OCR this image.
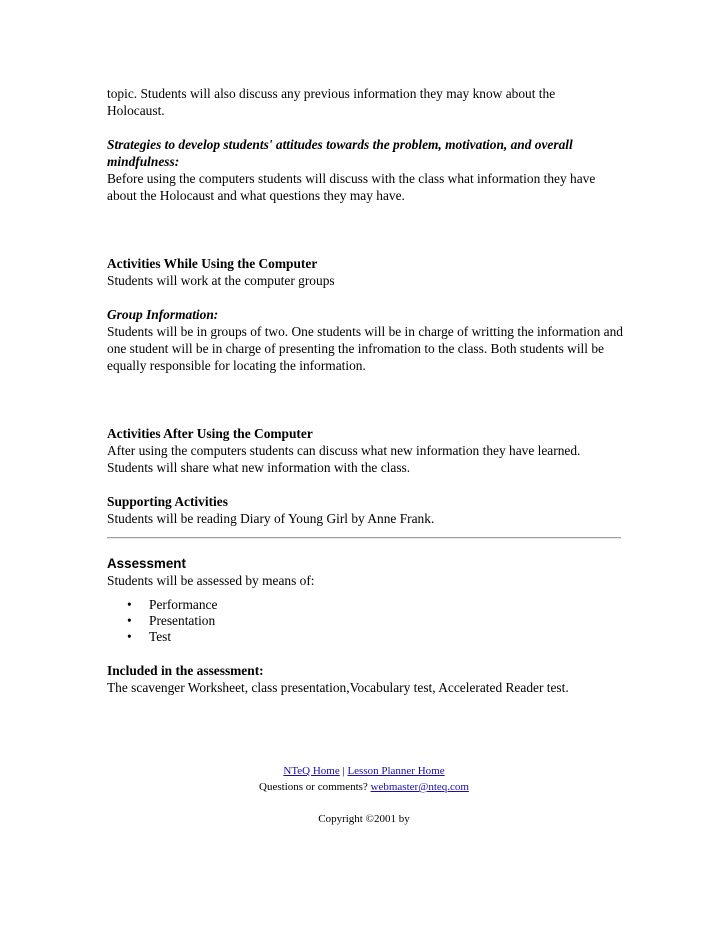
topic. Students will also discuss any previous information they may know about the

Holocaust.

Strategies to develop students' attitudes towards the problem, motivation, and overall mindfulness:

Before using the computers students will discuss with the class what information they have about the Holocaust and what questions they may have.

Activities While Using the Computer

Students will work at the computer groups

Group Information:

Students will be in groups of two. One students will be in charge of writting the information and one student will be in charge of presenting the infromation to the class. Both students will be equally responsible for locating the information.

Activities After Using the Computer

After using the computers students can discuss what new information they have learned. Students will share what new information with the class.

Supporting Activities

Students will be reading Diary of Young Girl by Anne Frank.

Assessment

Students will be assessed by means of:

• Performance
• Presentation
• Test

Included in the assessment:

The scavenger Worksheet, class presentation,Vocabulary test, Accelerated Reader test.

NTeQ Home | Lesson Planner Home
Questions or comments? webmaster@nteq.com
Copyright ©2001 by
